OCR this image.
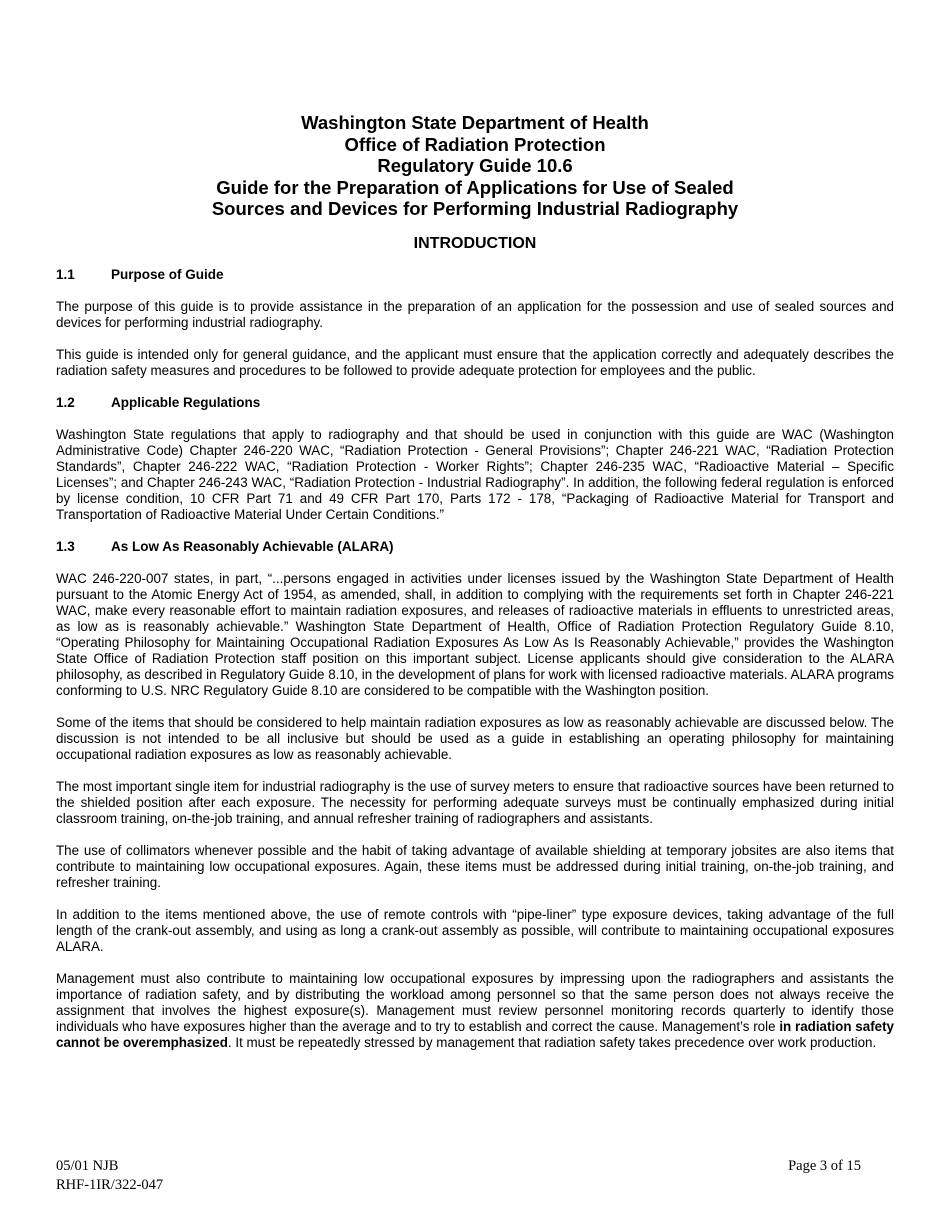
Washington State Department of Health
Office of Radiation Protection
Regulatory Guide 10.6
Guide for the Preparation of Applications for Use of Sealed
Sources and Devices for Performing Industrial Radiography
INTRODUCTION
1.1	Purpose of Guide

The purpose of this guide is to provide assistance in the preparation of an application for the possession and use of sealed sources and devices for performing industrial radiography.

This guide is intended only for general guidance, and the applicant must ensure that the application correctly and adequately describes the radiation safety measures and procedures to be followed to provide adequate protection for employees and the public.

1.2	Applicable Regulations

Washington State regulations that apply to radiography and that should be used in conjunction with this guide are WAC (Washington Administrative Code) Chapter 246-220 WAC, “Radiation Protection - General Provisions”; Chapter 246-221 WAC, “Radiation Protection Standards”, Chapter 246-222 WAC, “Radiation Protection - Worker Rights”; Chapter 246-235 WAC, “Radioactive Material – Specific Licenses”; and Chapter 246-243 WAC, “Radiation Protection - Industrial Radiography”. In addition, the following federal regulation is enforced by license condition, 10 CFR Part 71 and 49 CFR Part 170, Parts 172 - 178, “Packaging of Radioactive Material for Transport and Transportation of Radioactive Material Under Certain Conditions.”

1.3	As Low As Reasonably Achievable (ALARA)

WAC 246-220-007 states, in part, “...persons engaged in activities under licenses issued by the Washington State Department of Health pursuant to the Atomic Energy Act of 1954, as amended, shall, in addition to complying with the requirements set forth in Chapter 246-221 WAC, make every reasonable effort to maintain radiation exposures, and releases of radioactive materials in effluents to unrestricted areas, as low as is reasonably achievable.” Washington State Department of Health, Office of Radiation Protection Regulatory Guide 8.10, “Operating Philosophy for Maintaining Occupational Radiation Exposures As Low As Is Reasonably Achievable,” provides the Washington State Office of Radiation Protection staff position on this important subject. License applicants should give consideration to the ALARA philosophy, as described in Regulatory Guide 8.10, in the development of plans for work with licensed radioactive materials. ALARA programs conforming to U.S. NRC Regulatory Guide 8.10 are considered to be compatible with the Washington position.

Some of the items that should be considered to help maintain radiation exposures as low as reasonably achievable are discussed below. The discussion is not intended to be all inclusive but should be used as a guide in establishing an operating philosophy for maintaining occupational radiation exposures as low as reasonably achievable.

The most important single item for industrial radiography is the use of survey meters to ensure that radioactive sources have been returned to the shielded position after each exposure. The necessity for performing adequate surveys must be continually emphasized during initial classroom training, on-the-job training, and annual refresher training of radiographers and assistants.

The use of collimators whenever possible and the habit of taking advantage of available shielding at temporary jobsites are also items that contribute to maintaining low occupational exposures. Again, these items must be addressed during initial training, on-the-job training, and refresher training.

In addition to the items mentioned above, the use of remote controls with “pipe-liner” type exposure devices, taking advantage of the full length of the crank-out assembly, and using as long a crank-out assembly as possible, will contribute to maintaining occupational exposures ALARA.

Management must also contribute to maintaining low occupational exposures by impressing upon the radiographers and assistants the importance of radiation safety, and by distributing the workload among personnel so that the same person does not always receive the assignment that involves the highest exposure(s). Management must review personnel monitoring records quarterly to identify those individuals who have exposures higher than the average and to try to establish and correct the cause. Management’s role in radiation safety cannot be overemphasized. It must be repeatedly stressed by management that radiation safety takes precedence over work production.

05/01 NJB
RHF-1IR/322-047
Page 3 of 15
